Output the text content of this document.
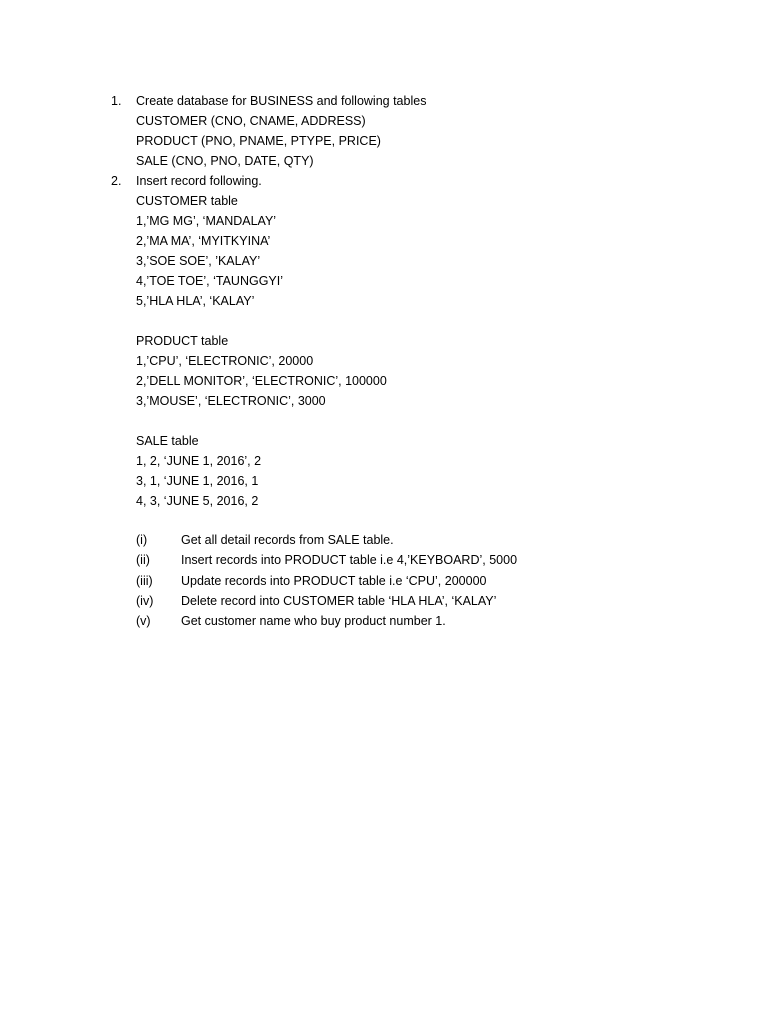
1. Create database for BUSINESS and following tables
CUSTOMER (CNO, CNAME, ADDRESS)
PRODUCT (PNO, PNAME, PTYPE, PRICE)
SALE (CNO, PNO, DATE, QTY)
2. Insert record following.
CUSTOMER table
1,’MG MG’, ‘MANDALAY’
2,’MA MA’, ‘MYITKYINA’
3,’SOE SOE’, ’KALAY’
4,’TOE TOE’, ‘TAUNGGYI’
5,’HLA HLA’, ‘KALAY’
PRODUCT table
1,’CPU’, ‘ELECTRONIC’, 20000
2,’DELL MONITOR’, ‘ELECTRONIC’, 100000
3,’MOUSE’, ‘ELECTRONIC’, 3000
SALE table
1, 2, ‘JUNE 1, 2016’, 2
3, 1, ‘JUNE 1, 2016, 1
4, 3, ‘JUNE 5, 2016, 2
(i)	Get all detail records from SALE table.
(ii) Insert records into PRODUCT table i.e 4,’KEYBOARD’, 5000
(iii) Update records into PRODUCT table i.e ‘CPU’, 200000
(iv) Delete record into CUSTOMER table ‘HLA HLA’, ‘KALAY’
(v) Get customer name who buy product number 1.
